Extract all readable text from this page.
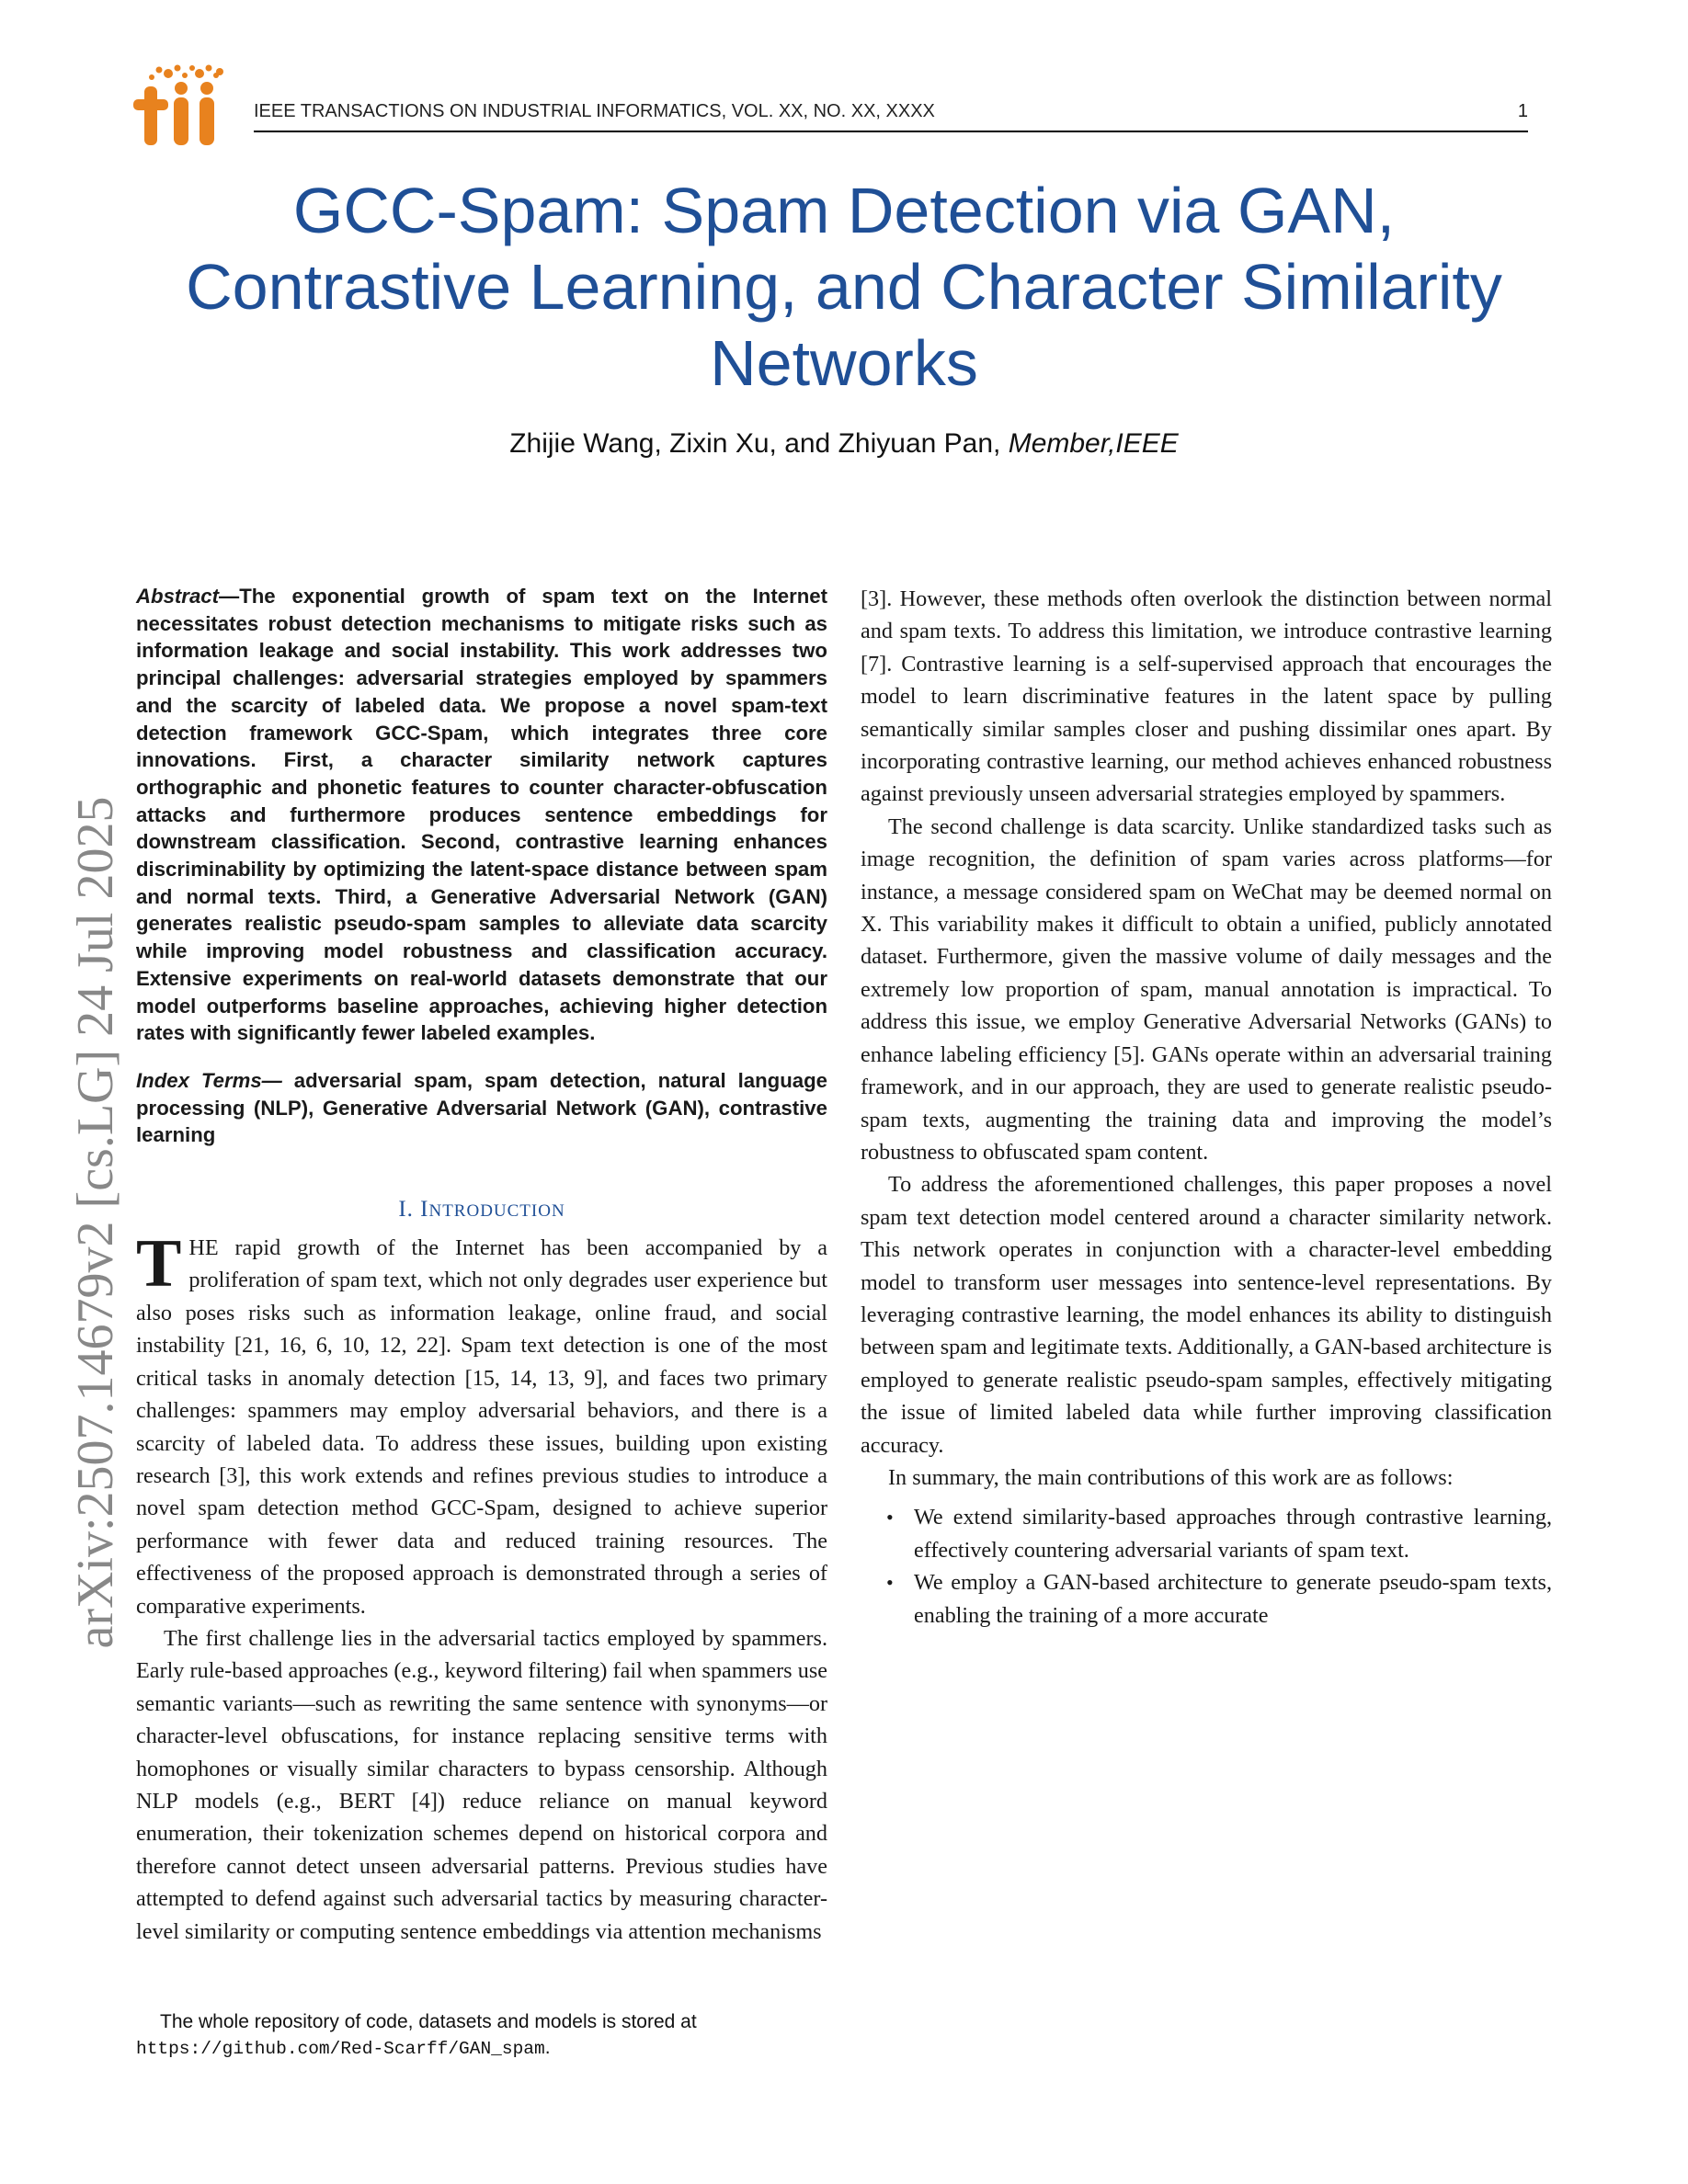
IEEE TRANSACTIONS ON INDUSTRIAL INFORMATICS, VOL. XX, NO. XX, XXXX	1
GCC-Spam: Spam Detection via GAN,
Contrastive Learning, and Character Similarity
Networks
Zhijie Wang, Zixin Xu, and Zhiyuan Pan, Member,IEEE
arXiv:2507.14679v2 [cs.LG] 24 Jul 2025

Abstract—The exponential growth of spam text on the Internet necessitates robust detection mechanisms to mitigate risks such as information leakage and social instability. This work addresses two principal challenges: adversarial strategies employed by spammers and the scarcity of labeled data. We propose a novel spam-text detection framework GCC-Spam, which integrates three core innovations. First, a character similarity network captures orthographic and phonetic features to counter character-obfuscation attacks and furthermore produces sentence embeddings for downstream classification. Second, contrastive learning enhances discriminability by optimizing the latent-space distance between spam and normal texts. Third, a Generative Adversarial Network (GAN) generates realistic pseudo-spam samples to alleviate data scarcity while improving model robustness and classification accuracy. Extensive experiments on real-world datasets demonstrate that our model outperforms baseline approaches, achieving higher detection rates with significantly fewer labeled examples.

Index Terms— adversarial spam, spam detection, natural language processing (NLP), Generative Adversarial Network (GAN), contrastive learning

I. INTRODUCTION

THE rapid growth of the Internet has been accompanied by a proliferation of spam text, which not only degrades user experience but also poses risks such as information leakage, online fraud, and social instability [21, 16, 6, 10, 12, 22]. Spam text detection is one of the most critical tasks in anomaly detection [15, 14, 13, 9], and faces two primary challenges: spammers may employ adversarial behaviors, and there is a scarcity of labeled data. To address these issues, building upon existing research [3], this work extends and refines previous studies to introduce a novel spam detection method GCC-Spam, designed to achieve superior performance with fewer data and reduced training resources. The effectiveness of the proposed approach is demonstrated through a series of comparative experiments.

The first challenge lies in the adversarial tactics employed by spammers. Early rule-based approaches (e.g., keyword filtering) fail when spammers use semantic variants—such as rewriting the same sentence with synonyms—or character-level obfuscations, for instance replacing sensitive terms with homophones or visually similar characters to bypass censorship. Although NLP models (e.g., BERT [4]) reduce reliance on manual keyword enumeration, their tokenization schemes depend on historical corpora and therefore cannot detect unseen adversarial patterns. Previous studies have attempted to defend against such adversarial tactics by measuring character-level similarity or computing sentence embeddings via attention mechanisms

The whole repository of code, datasets and models is stored at
https://github.com/Red-Scarff/GAN_spam.

[3]. However, these methods often overlook the distinction between normal and spam texts. To address this limitation, we introduce contrastive learning [7]. Contrastive learning is a self-supervised approach that encourages the model to learn discriminative features in the latent space by pulling semantically similar samples closer and pushing dissimilar ones apart. By incorporating contrastive learning, our method achieves enhanced robustness against previously unseen adversarial strategies employed by spammers.

The second challenge is data scarcity. Unlike standardized tasks such as image recognition, the definition of spam varies across platforms—for instance, a message considered spam on WeChat may be deemed normal on X. This variability makes it difficult to obtain a unified, publicly annotated dataset. Furthermore, given the massive volume of daily messages and the extremely low proportion of spam, manual annotation is impractical. To address this issue, we employ Generative Adversarial Networks (GANs) to enhance labeling efficiency [5]. GANs operate within an adversarial training framework, and in our approach, they are used to generate realistic pseudo-spam texts, augmenting the training data and improving the model’s robustness to obfuscated spam content.

To address the aforementioned challenges, this paper proposes a novel spam text detection model centered around a character similarity network. This network operates in conjunction with a character-level embedding model to transform user messages into sentence-level representations. By leveraging contrastive learning, the model enhances its ability to distinguish between spam and legitimate texts. Additionally, a GAN-based architecture is employed to generate realistic pseudo-spam samples, effectively mitigating the issue of limited labeled data while further improving classification accuracy.

In summary, the main contributions of this work are as follows:

• We extend similarity-based approaches through contrastive learning, effectively countering adversarial variants of spam text.
• We employ a GAN-based architecture to generate pseudo-spam texts, enabling the training of a more accurate
